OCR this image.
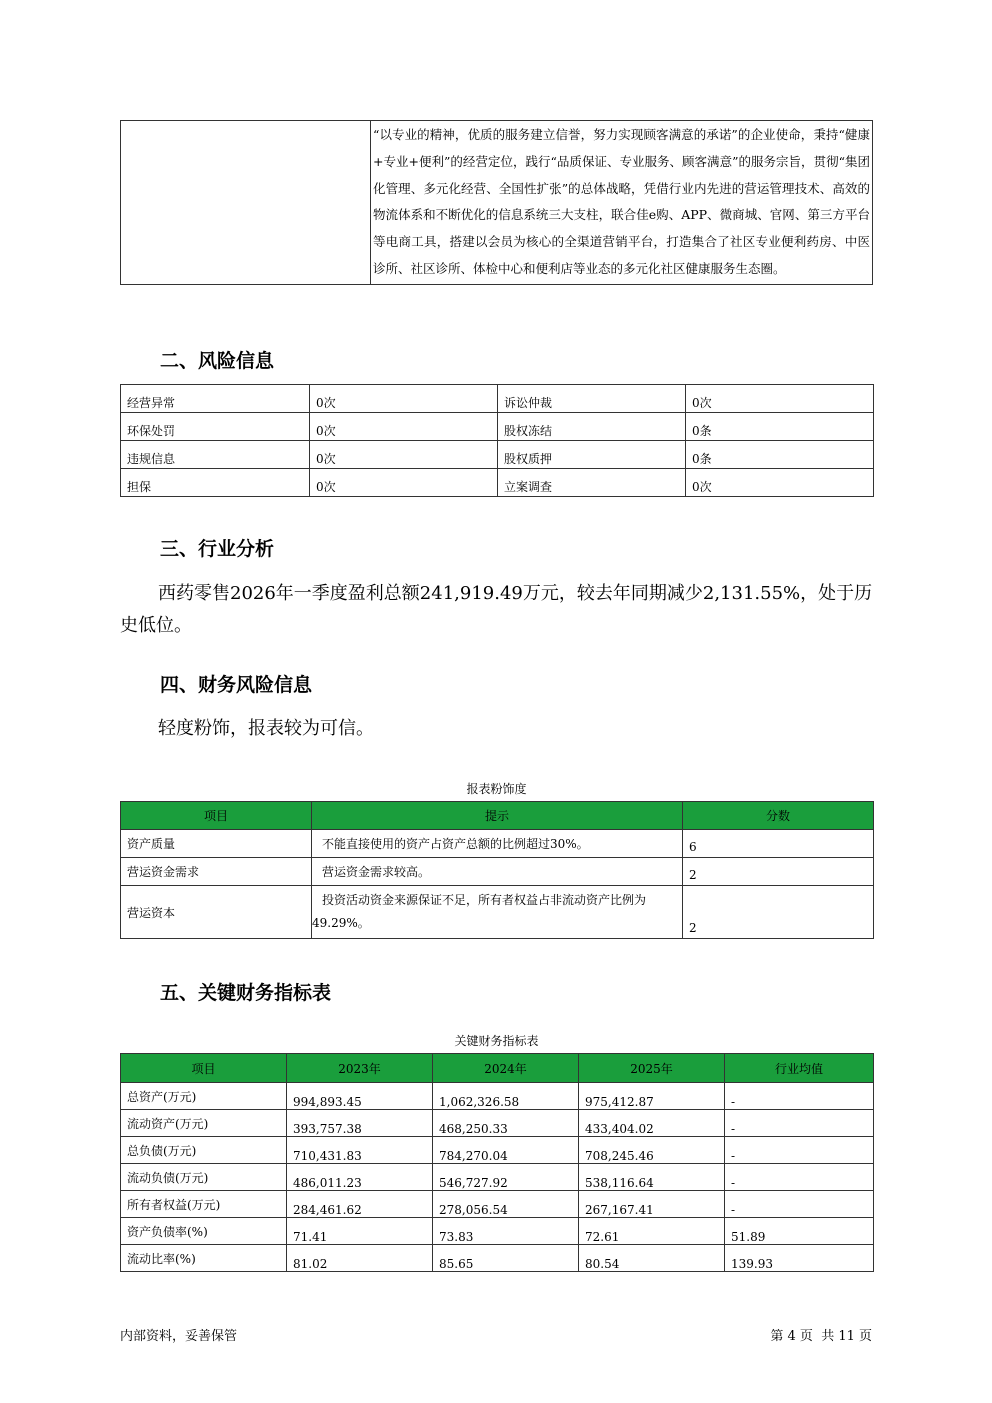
	“以专业的精神，优质的服务建立信誉，努力实现顾客满意的承诺”的企业使命，秉持“健康+专业+便利”的经营定位，践行“品质保证、专业服务、顾客满意”的服务宗旨，贯彻“集团化管理、多元化经营、全国性扩张”的总体战略，凭借行业内先进的营运管理技术、高效的物流体系和不断优化的信息系统三大支柱，联合佳e购、APP、微商城、官网、第三方平台等电商工具，搭建以会员为核心的全渠道营销平台，打造集合了社区专业便利药房、中医诊所、社区诊所、体检中心和便利店等业态的多元化社区健康服务生态圈。
二、风险信息
经营异常	0次	诉讼仲裁	0次
环保处罚	0次	股权冻结	0条
违规信息	0次	股权质押	0条
担保	0次	立案调查	0次
三、行业分析

西药零售2026年一季度盈利总额241,919.49万元，较去年同期减少2,131.55%，处于历史低位。

四、财务风险信息

轻度粉饰，报表较为可信。

报表粉饰度
项目	提示	分数
资产质量	不能直接使用的资产占资产总额的比例超过30%。	6
营运资金需求	营运资金需求较高。	2
营运资本	投资活动资金来源保证不足，所有者权益占非流动资产比例为49.29%。	2
五、关键财务指标表
关键财务指标表
项目	2023年	2024年	2025年	行业均值
总资产(万元)	994,893.45	1,062,326.58	975,412.87	-
流动资产(万元)	393,757.38	468,250.33	433,404.02	-
总负债(万元)	710,431.83	784,270.04	708,245.46	-
流动负债(万元)	486,011.23	546,727.92	538,116.64	-
所有者权益(万元)	284,461.62	278,056.54	267,167.41	-
资产负债率(%)	71.41	73.83	72.61	51.89
流动比率(%)	81.02	85.65	80.54	139.93
内部资料，妥善保管	第 4 页  共 11 页
